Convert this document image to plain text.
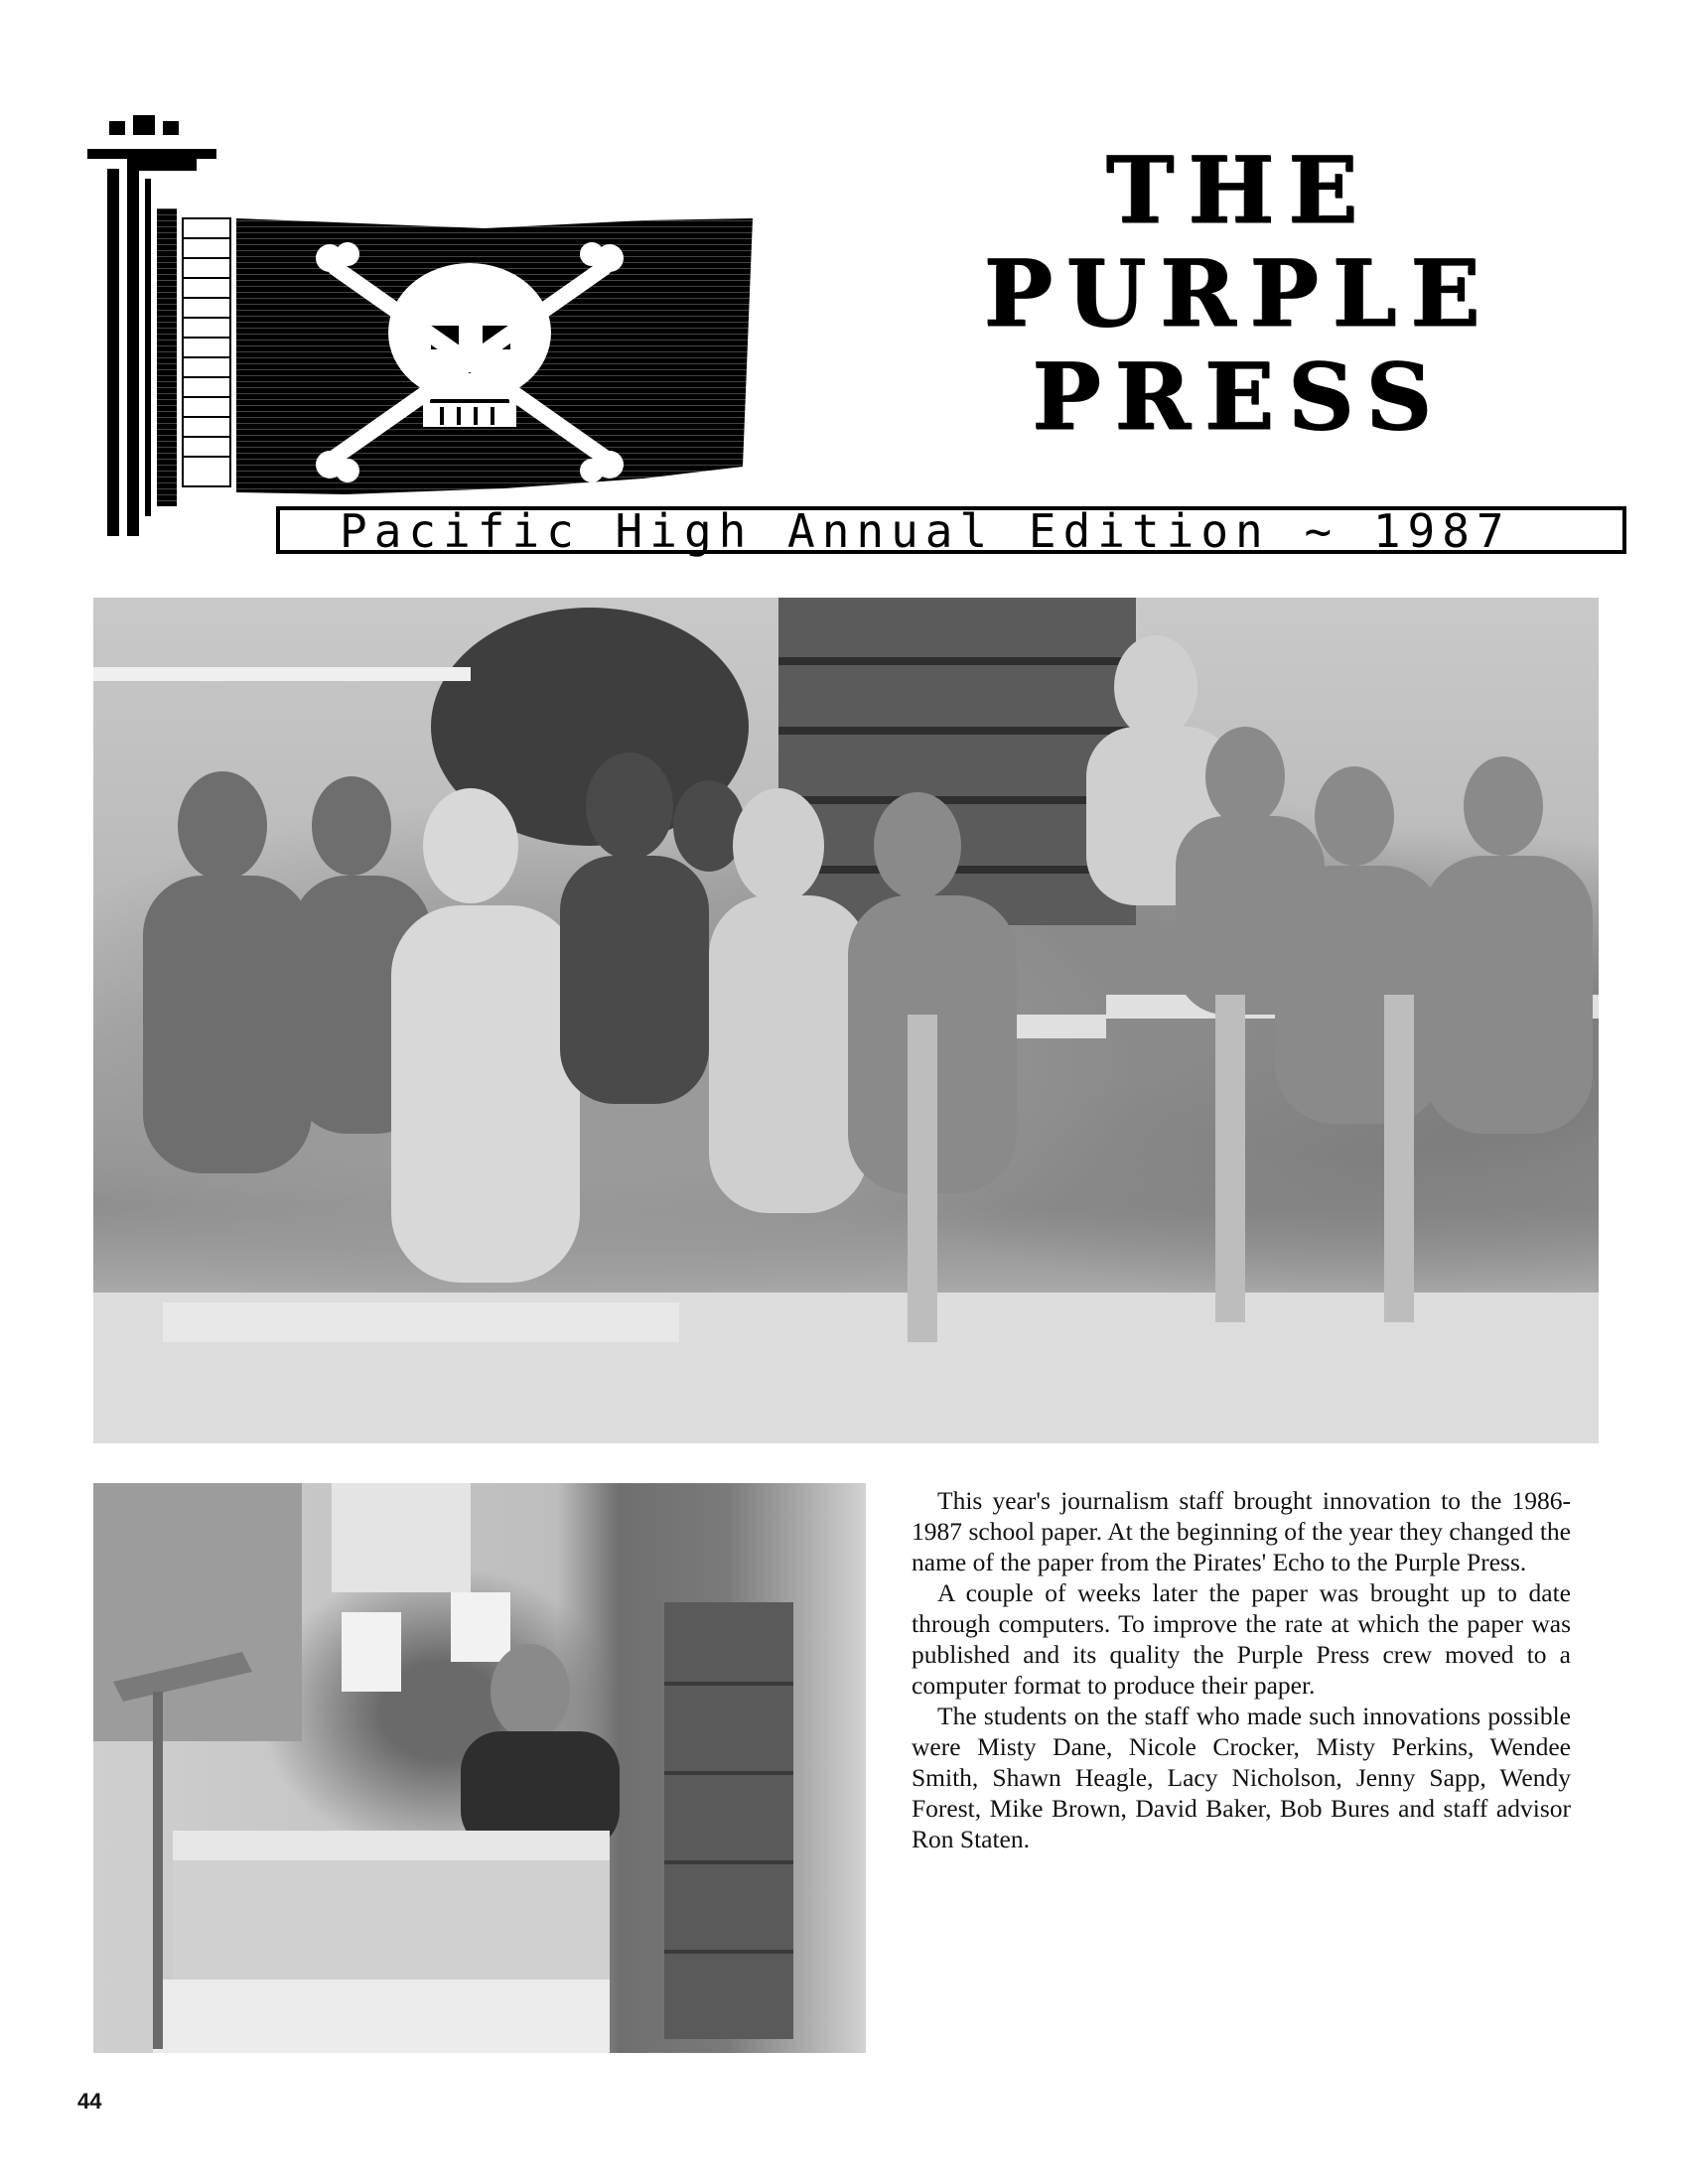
THE
PURPLE
PRESS
Pacific High Annual Edition ~ 1987

This year's journalism staff brought innovation to the 1986-1987 school paper. At the beginning of the year they changed the name of the paper from the Pirates' Echo to the Purple Press.

A couple of weeks later the paper was brought up to date through computers. To improve the rate at which the paper was published and its quality the Purple Press crew moved to a computer format to produce their paper.

The students on the staff who made such innovations possible were Misty Dane, Nicole Crocker, Misty Perkins, Wendee Smith, Shawn Heagle, Lacy Nicholson, Jenny Sapp, Wendy Forest, Mike Brown, David Baker, Bob Bures and staff advisor Ron Staten.

44
